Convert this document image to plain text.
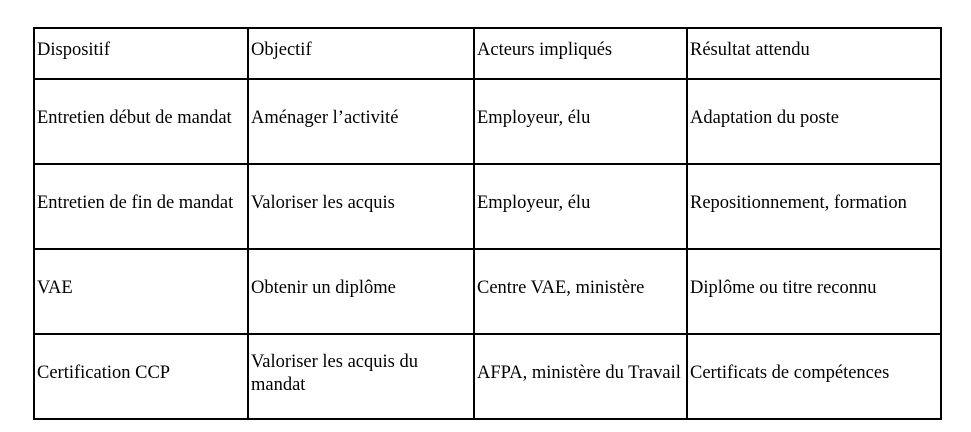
Dispositif	Objectif	Acteurs impliqués	Résultat attendu
Entretien début de mandat	Aménager l’activité	Employeur, élu	Adaptation du poste
Entretien de fin de mandat	Valoriser les acquis	Employeur, élu	Repositionnement, formation
VAE	Obtenir un diplôme	Centre VAE, ministère	Diplôme ou titre reconnu
Certification CCP	Valoriser les acquis du mandat	AFPA, ministère du Travail	Certificats de compétences
